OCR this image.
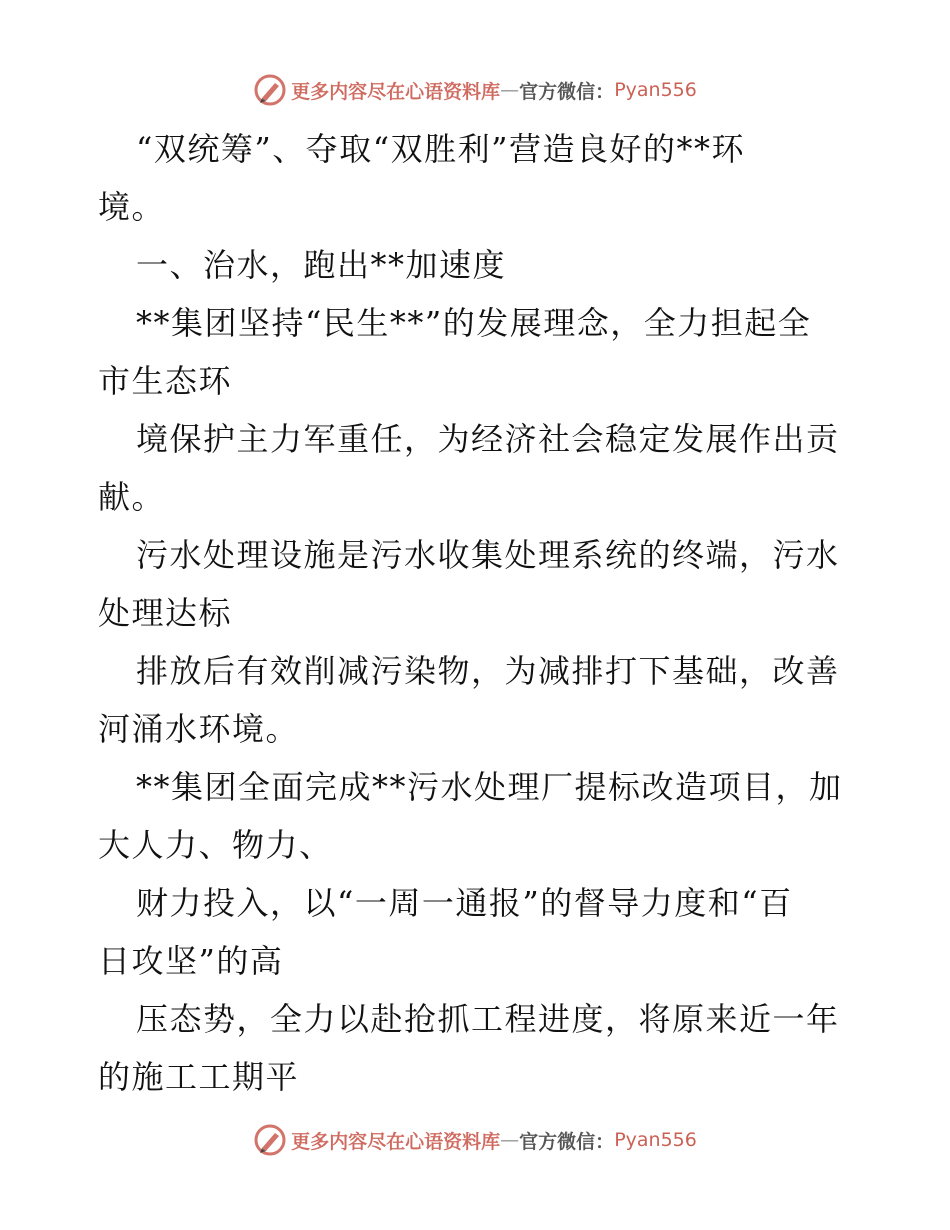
更多内容尽在心语资料库 — 官方微信： Pyan556
“双统筹”、夺取“双胜利”营造良好的**环
境。
一、治水，跑出**加速度
**集团坚持“民生**”的发展理念，全力担起全
市生态环
境保护主力军重任，为经济社会稳定发展作出贡
献。
污水处理设施是污水收集处理系统的终端，污水
处理达标
排放后有效削减污染物，为减排打下基础，改善
河涌水环境。
**集团全面完成**污水处理厂提标改造项目，加
大人力、物力、
财力投入，以“一周一通报”的督导力度和“百
日攻坚”的高
压态势，全力以赴抢抓工程进度，将原来近一年
的施工工期平
更多内容尽在心语资料库 — 官方微信： Pyan556
